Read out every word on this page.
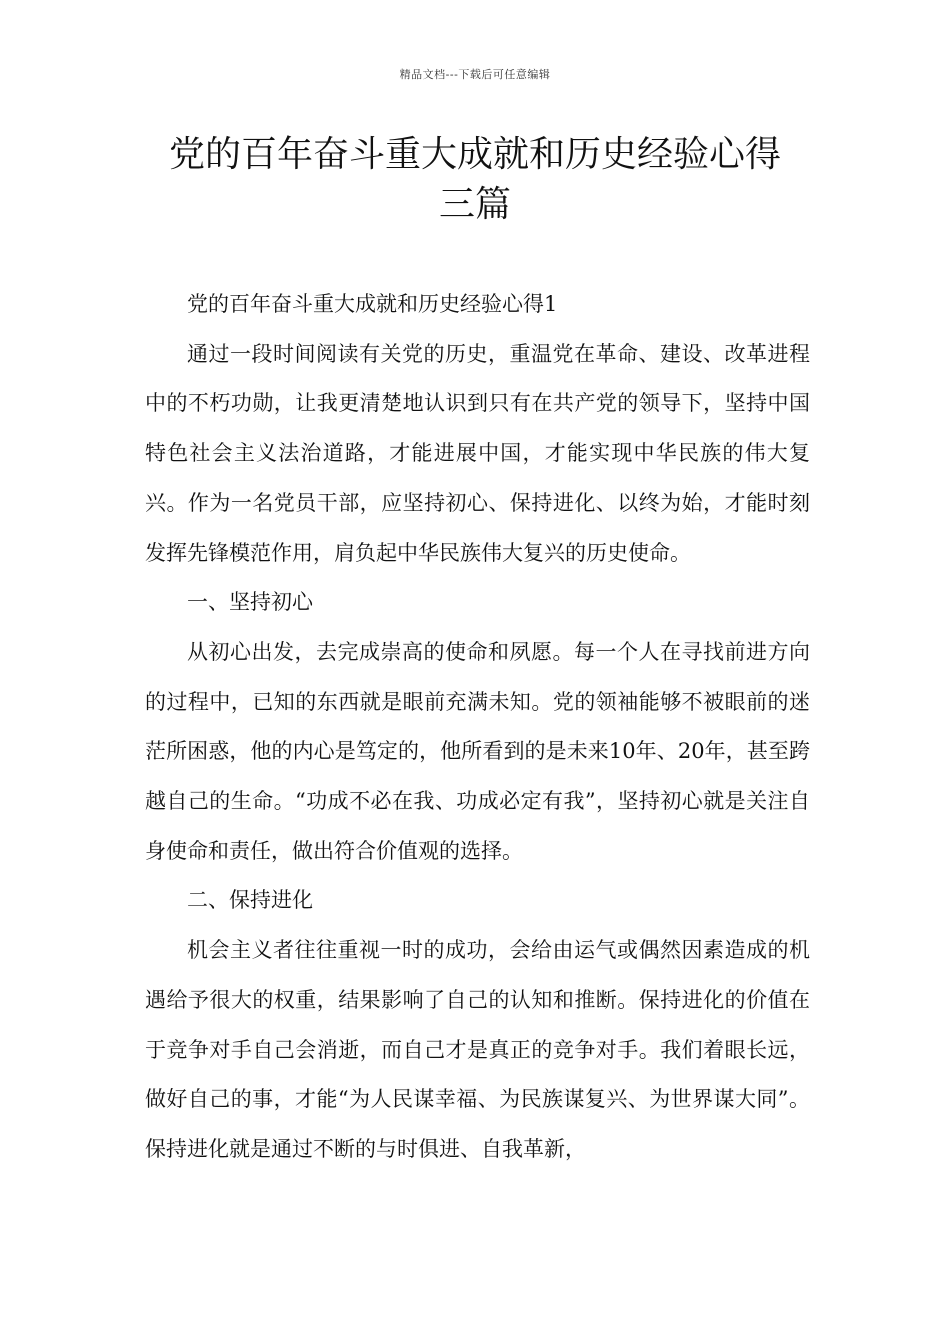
精品文档---下载后可任意编辑
党的百年奋斗重大成就和历史经验心得
三篇

党的百年奋斗重大成就和历史经验心得1

通过一段时间阅读有关党的历史，重温党在革命、建设、改革进程中的不朽功勋，让我更清楚地认识到只有在共产党的领导下，坚持中国特色社会主义法治道路，才能进展中国，才能实现中华民族的伟大复兴。作为一名党员干部，应坚持初心、保持进化、以终为始，才能时刻发挥先锋模范作用，肩负起中华民族伟大复兴的历史使命。

一、坚持初心

从初心出发，去完成崇高的使命和夙愿。每一个人在寻找前进方向的过程中，已知的东西就是眼前充满未知。党的领袖能够不被眼前的迷茫所困惑，他的内心是笃定的，他所看到的是未来10年、20年，甚至跨越自己的生命。“功成不必在我、功成必定有我”，坚持初心就是关注自身使命和责任，做出符合价值观的选择。

二、保持进化

机会主义者往往重视一时的成功，会给由运气或偶然因素造成的机遇给予很大的权重，结果影响了自己的认知和推断。保持进化的价值在于竞争对手自己会消逝，而自己才是真正的竞争对手。我们着眼长远，做好自己的事，才能“为人民谋幸福、为民族谋复兴、为世界谋大同”。保持进化就是通过不断的与时俱进、自我革新，
